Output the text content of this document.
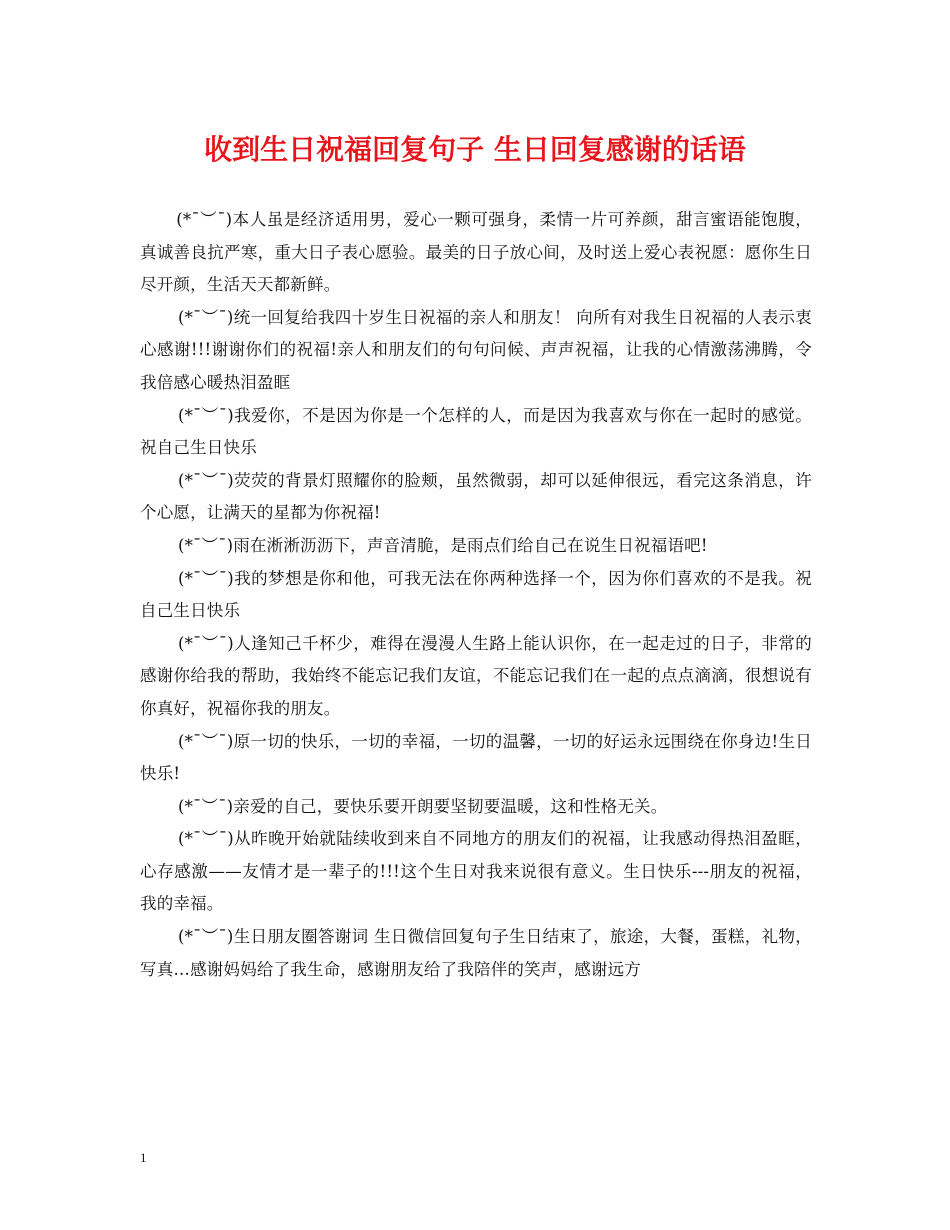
收到生日祝福回复句子 生日回复感谢的话语

(*¯︶¯)本人虽是经济适用男，爱心一颗可强身，柔情一片可养颜，甜言蜜语能饱腹，真诚善良抗严寒，重大日子表心愿验。最美的日子放心间，及时送上爱心表祝愿：愿你生日尽开颜，生活天天都新鲜。

(*¯︶¯)统一回复给我四十岁生日祝福的亲人和朋友！ 向所有对我生日祝福的人表示衷心感谢!!!谢谢你们的祝福!亲人和朋友们的句句问候、声声祝福，让我的心情激荡沸腾，令我倍感心暖热泪盈眶

(*¯︶¯)我爱你，不是因为你是一个怎样的人，而是因为我喜欢与你在一起时的感觉。祝自己生日快乐

(*¯︶¯)荧荧的背景灯照耀你的脸颊，虽然微弱，却可以延伸很远，看完这条消息，许个心愿，让满天的星都为你祝福!

(*¯︶¯)雨在淅淅沥沥下，声音清脆，是雨点们给自己在说生日祝福语吧!

(*¯︶¯)我的梦想是你和他，可我无法在你两种选择一个，因为你们喜欢的不是我。祝自己生日快乐

(*¯︶¯)人逢知己千杯少，难得在漫漫人生路上能认识你，在一起走过的日子，非常的感谢你给我的帮助，我始终不能忘记我们友谊，不能忘记我们在一起的点点滴滴，很想说有你真好，祝福你我的朋友。

(*¯︶¯)原一切的快乐，一切的幸福，一切的温馨，一切的好运永远围绕在你身边!生日快乐!

(*¯︶¯)亲爱的自己，要快乐要开朗要坚韧要温暖，这和性格无关。

(*¯︶¯)从昨晚开始就陆续收到来自不同地方的朋友们的祝福，让我感动得热泪盈眶，心存感激——友情才是一辈子的!!!这个生日对我来说很有意义。生日快乐---朋友的祝福，我的幸福。

(*¯︶¯)生日朋友圈答谢词 生日微信回复句子生日结束了，旅途，大餐，蛋糕，礼物，写真…感谢妈妈给了我生命，感谢朋友给了我陪伴的笑声，感谢远方

1
